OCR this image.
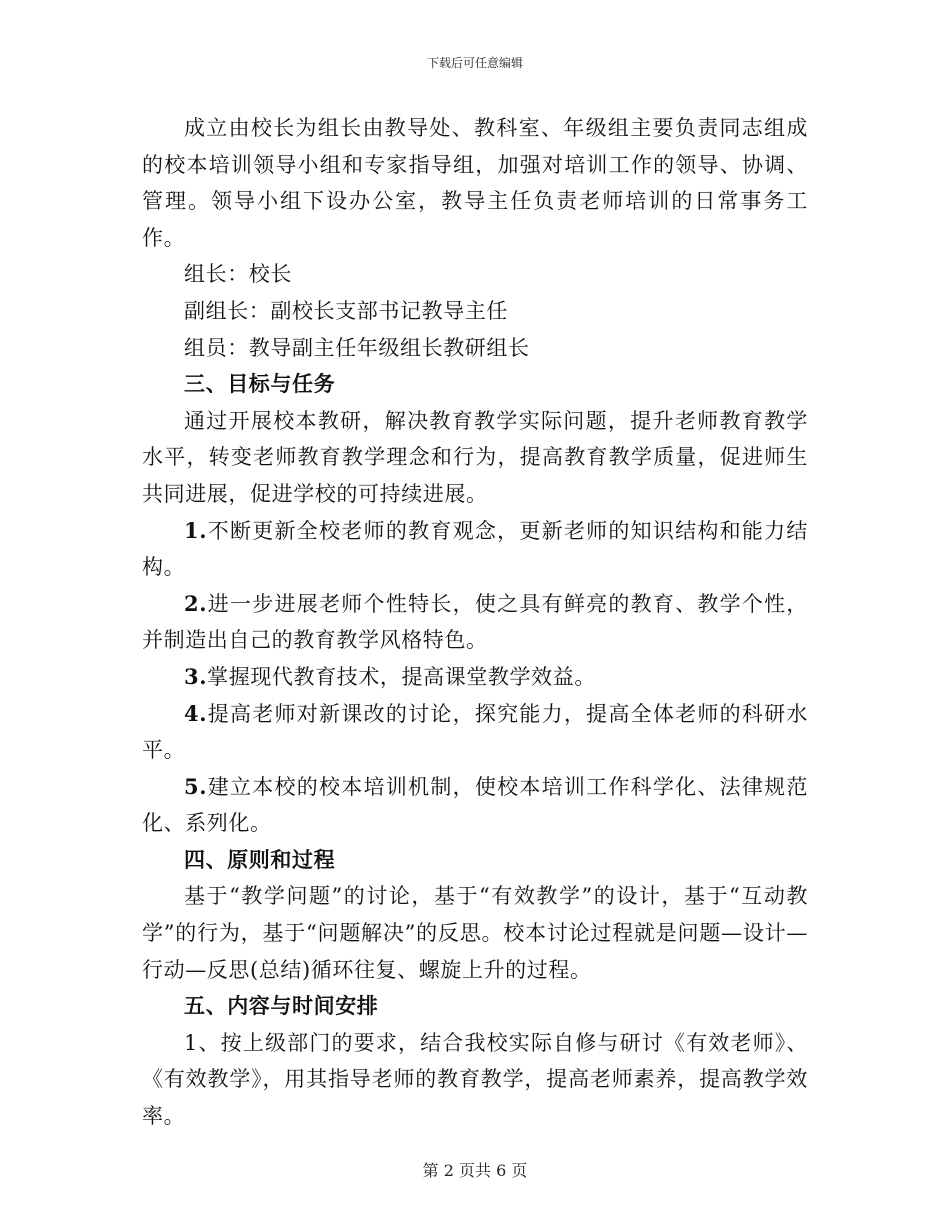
下载后可任意编辑

成立由校长为组长由教导处、教科室、年级组主要负责同志组成的校本培训领导小组和专家指导组，加强对培训工作的领导、协调、管理。领导小组下设办公室，教导主任负责老师培训的日常事务工作。

组长：校长

副组长：副校长支部书记教导主任

组员：教导副主任年级组长教研组长

三、目标与任务

通过开展校本教研，解决教育教学实际问题，提升老师教育教学水平，转变老师教育教学理念和行为，提高教育教学质量，促进师生共同进展，促进学校的可持续进展。

1.不断更新全校老师的教育观念，更新老师的知识结构和能力结构。

2.进一步进展老师个性特长，使之具有鲜亮的教育、教学个性，并制造出自己的教育教学风格特色。

3.掌握现代教育技术，提高课堂教学效益。

4.提高老师对新课改的讨论，探究能力，提高全体老师的科研水平。

5.建立本校的校本培训机制，使校本培训工作科学化、法律规范化、系列化。

四、原则和过程

基于“教学问题”的讨论，基于“有效教学”的设计，基于“互动教学”的行为，基于“问题解决”的反思。校本讨论过程就是问题—设计—行动—反思(总结)循环往复、螺旋上升的过程。

五、内容与时间安排

1、按上级部门的要求，结合我校实际自修与研讨《有效老师》、《有效教学》，用其指导老师的教育教学，提高老师素养，提高教学效率。

第 2 页共 6 页
